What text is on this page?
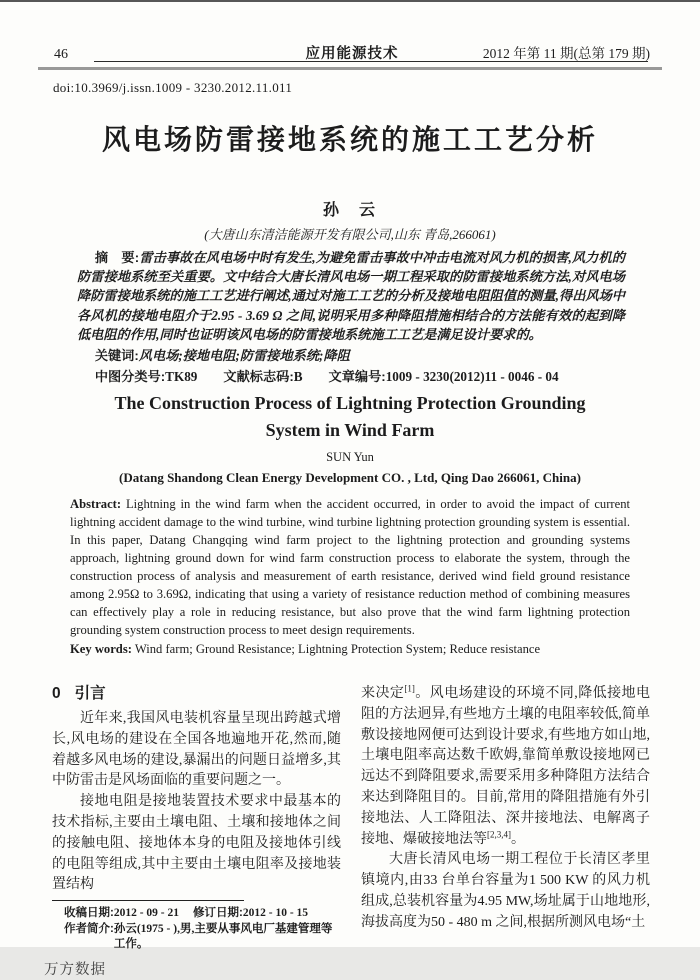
46	应用能源技术	2012 年第 11 期(总第 179 期)
doi:10.3969/j.issn.1009 - 3230.2012.11.011
风电场防雷接地系统的施工工艺分析
孙　云
(大唐山东清洁能源开发有限公司,山东 青岛,266061)

摘　要:雷击事故在风电场中时有发生,为避免雷击事故中冲击电流对风力机的损害,风力机的防雷接地系统至关重要。文中结合大唐长清风电场一期工程采取的防雷接地系统方法,对风电场降防雷接地系统的施工工艺进行阐述,通过对施工工艺的分析及接地电阻阻值的测量,得出风场中各风机的接地电阻介于2.95 - 3.69 Ω 之间,说明采用多种降阻措施相结合的方法能有效的起到降低电阻的作用,同时也证明该风电场的防雷接地系统施工工艺是满足设计要求的。

关键词:风电场;接地电阻;防雷接地系统;降阻

中图分类号:TK89 文献标志码:B 文章编号:1009 - 3230(2012)11 - 0046 - 04

The Construction Process of Lightning Protection Grounding
System in Wind Farm
SUN Yun
(Datang Shandong Clean Energy Development CO. , Ltd, Qing Dao 266061, China)

Abstract: Lightning in the wind farm when the accident occurred, in order to avoid the impact of current lightning accident damage to the wind turbine, wind turbine lightning protection grounding system is essential. In this paper, Datang Changqing wind farm project to the lightning protection and grounding systems approach, lightning ground down for wind farm construction process to elaborate the system, through the construction process of analysis and measurement of earth resistance, derived wind field ground resistance among 2.95Ω to 3.69Ω, indicating that using a variety of resistance reduction method of combining measures can effectively play a role in reducing resistance, but also prove that the wind farm lightning protection grounding system construction process to meet design requirements.

Key words: Wind farm; Ground Resistance; Lightning Protection System; Reduce resistance

0 引言

近年来,我国风电装机容量呈现出跨越式增长,风电场的建设在全国各地遍地开花,然而,随着越多风电场的建设,暴漏出的问题日益增多,其中防雷击是风场面临的重要问题之一。

接地电阻是接地装置技术要求中最基本的技术指标,主要由土壤电阻、土壤和接地体之间的接触电阻、接地体本身的电阻及接地体引线的电阻等组成,其中主要由土壤电阻率及接地装置结构

收稿日期: 2012 - 09 - 21 修订日期: 2012 - 10 - 15
作者简介: 孙云(1975 - ),男,主要从事风电厂基建管理等工作。
万方数据

来决定[1]。风电场建设的环境不同,降低接地电阻的方法迥异,有些地方土壤的电阻率较低,简单敷设接地网便可达到设计要求,有些地方如山地,土壤电阻率高达数千欧姆,靠简单敷设接地网已远达不到降阻要求,需要采用多种降阻方法结合来达到降阻目的。目前,常用的降阻措施有外引接地法、人工降阻法、深井接地法、电解离子接地、爆破接地法等[2,3,4]。

大唐长清风电场一期工程位于长清区孝里镇境内,由33 台单台容量为1 500 KW 的风力机组成,总装机容量为4.95 MW,场址属于山地地形,海拔高度为50 - 480 m 之间,根据所测风电场“土
